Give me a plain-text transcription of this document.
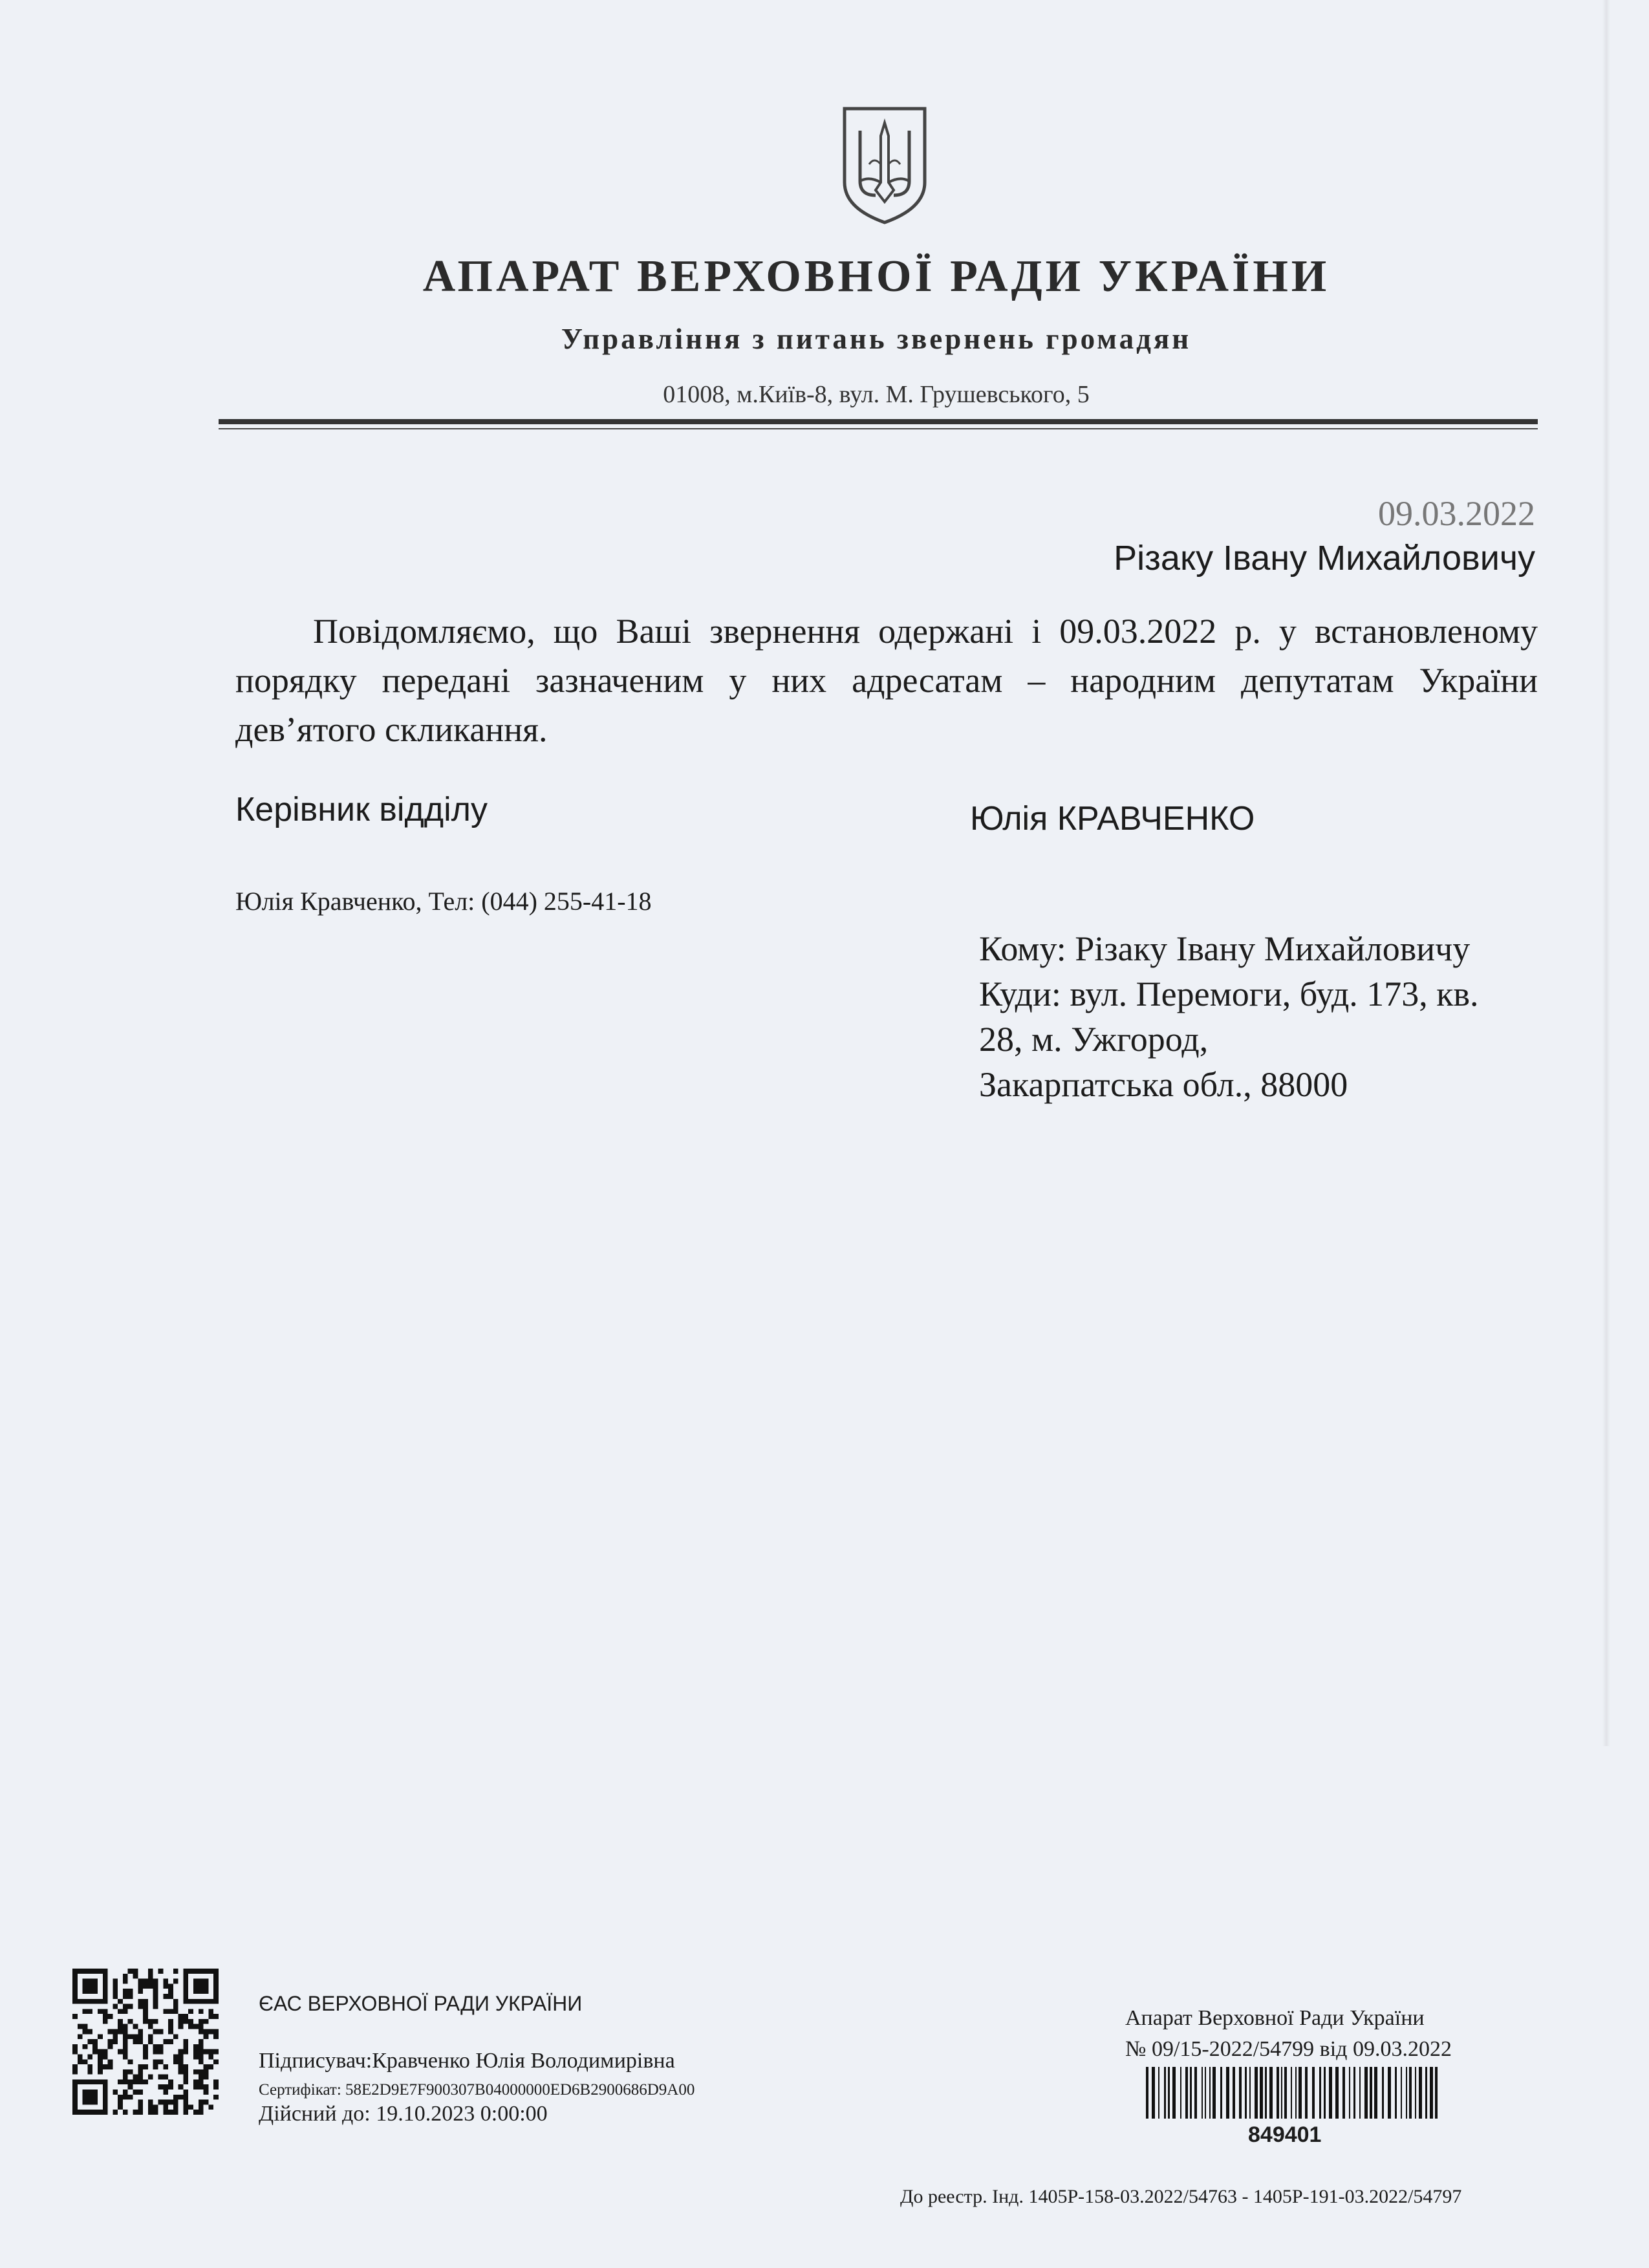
АПАРАТ ВЕРХОВНОЇ РАДИ УКРАЇНИ
Управління з питань звернень громадян
01008, м.Київ-8, вул. М. Грушевського, 5
09.03.2022
Різаку Івану Михайловичу
Повідомляємо, що Ваші звернення одержані і 09.03.2022 р. у встановленому порядку передані зазначеним у них адресатам – народним депутатам України дев’ятого скликання.
Керівник відділу	Юлія КРАВЧЕНКО
Юлія Кравченко, Тел: (044) 255-41-18
Кому: Різаку Івану Михайловичу
Куди: вул. Перемоги, буд. 173, кв.
28, м. Ужгород,
Закарпатська обл., 88000
ЄАС ВЕРХОВНОЇ РАДИ УКРАЇНИ
Підписувач:Кравченко Юлія Володимирівна
Сертифікат: 58E2D9E7F900307B04000000ED6B2900686D9A00
Дійсний до: 19.10.2023 0:00:00
Апарат Верховної Ради України
№ 09/15-2022/54799 від 09.03.2022
849401
До реестр. Інд. 1405Р-158-03.2022/54763 - 1405Р-191-03.2022/54797
